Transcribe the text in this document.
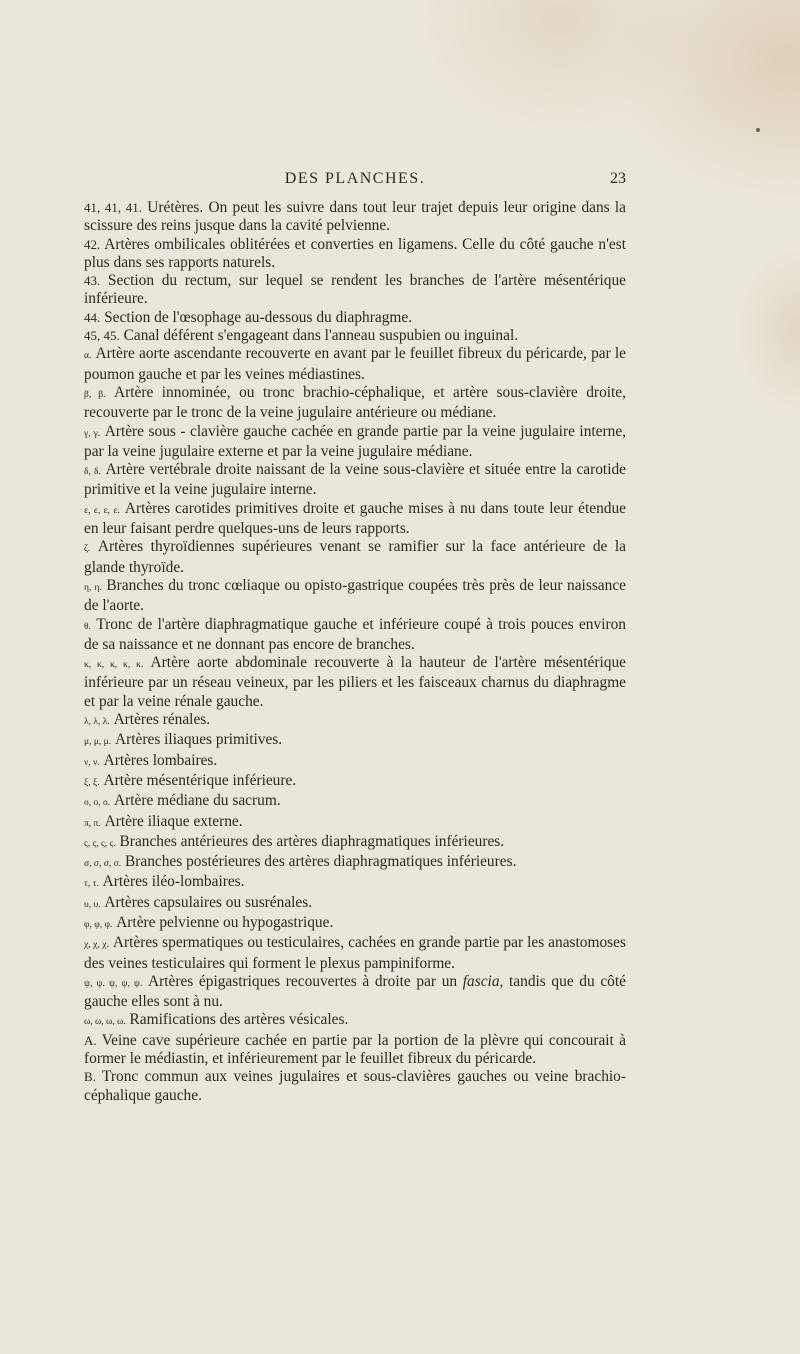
DES PLANCHES.	23

41, 41, 41. Urétères. On peut les suivre dans tout leur trajet depuis leur origine dans la scissure des reins jusque dans la cavité pelvienne.

42. Artères ombilicales oblitérées et converties en ligamens. Celle du côté gauche n'est plus dans ses rapports naturels.

43. Section du rectum, sur lequel se rendent les branches de l'artère mésentérique inférieure.

44. Section de l'œsophage au-dessous du diaphragme.

45, 45. Canal déférent s'engageant dans l'anneau suspubien ou inguinal.

α. Artère aorte ascendante recouverte en avant par le feuillet fibreux du péricarde, par le poumon gauche et par les veines médiastines.

β, β. Artère innominée, ou tronc brachio-céphalique, et artère sous-clavière droite, recouverte par le tronc de la veine jugulaire antérieure ou médiane.

γ, γ. Artère sous - clavière gauche cachée en grande partie par la veine jugulaire interne, par la veine jugulaire externe et par la veine jugulaire médiane.

δ, δ. Artère vertébrale droite naissant de la veine sous-clavière et située entre la carotide primitive et la veine jugulaire interne.

ε, ε, ε, ε. Artères carotides primitives droite et gauche mises à nu dans toute leur étendue en leur faisant perdre quelques-uns de leurs rapports.

ζ. Artères thyroïdiennes supérieures venant se ramifier sur la face antérieure de la glande thyroïde.

η, η. Branches du tronc cœliaque ou opisto-gastrique coupées très près de leur naissance de l'aorte.

θ. Tronc de l'artère diaphragmatique gauche et inférieure coupé à trois pouces environ de sa naissance et ne donnant pas encore de branches.

κ, κ, κ, κ, κ. Artère aorte abdominale recouverte à la hauteur de l'artère mésentérique inférieure par un réseau veineux, par les piliers et les faisceaux charnus du diaphragme et par la veine rénale gauche.

λ, λ, λ. Artères rénales.

μ, μ, μ. Artères iliaques primitives.

ν, ν. Artères lombaires.

ξ, ξ. Artère mésentérique inférieure.

ο, ο, ο. Artère médiane du sacrum.

π, π. Artère iliaque externe.

ς, ς, ς, ς. Branches antérieures des artères diaphragmatiques inférieures.

σ, σ, σ, σ. Branches postérieures des artères diaphragmatiques inférieures.

τ, τ. Artères iléo-lombaires.

υ, υ. Artères capsulaires ou susrénales.

φ, φ, φ. Artère pelvienne ou hypogastrique.

χ, χ, χ. Artères spermatiques ou testiculaires, cachées en grande partie par les anastomoses des veines testiculaires qui forment le plexus pampiniforme.

ψ, ψ. ψ, ψ, ψ. Artères épigastriques recouvertes à droite par un fascia, tandis que du côté gauche elles sont à nu.

ω, ω, ω, ω. Ramifications des artères vésicales.

A. Veine cave supérieure cachée en partie par la portion de la plèvre qui concourait à former le médiastin, et inférieurement par le feuillet fibreux du péricarde.

B. Tronc commun aux veines jugulaires et sous-clavières gauches ou veine brachio-céphalique gauche.
